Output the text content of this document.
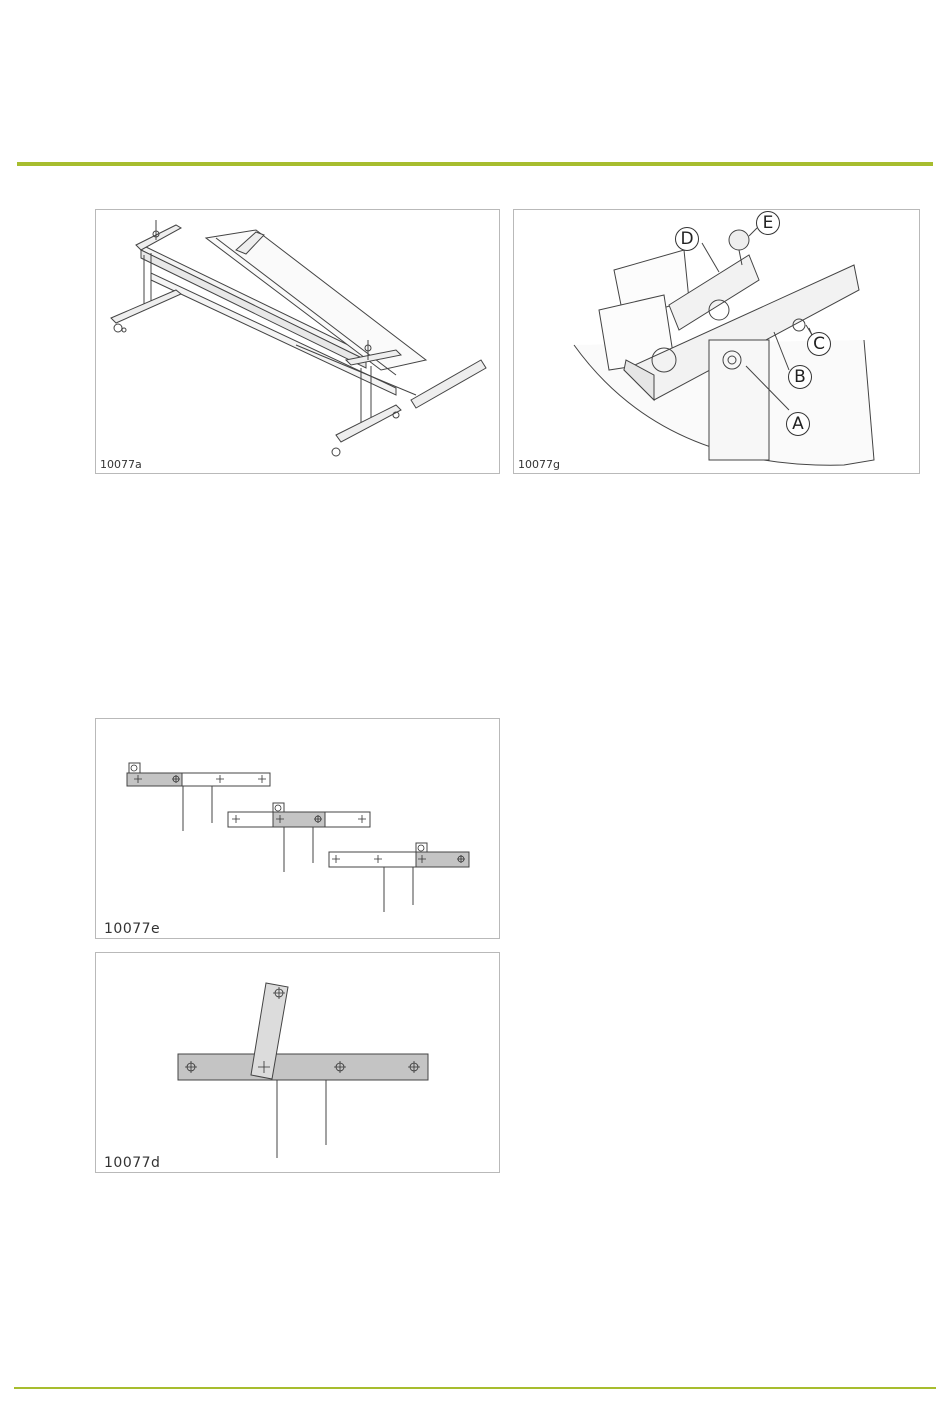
10077a
A
B
C
D
E
10077g
10077e
10077d
